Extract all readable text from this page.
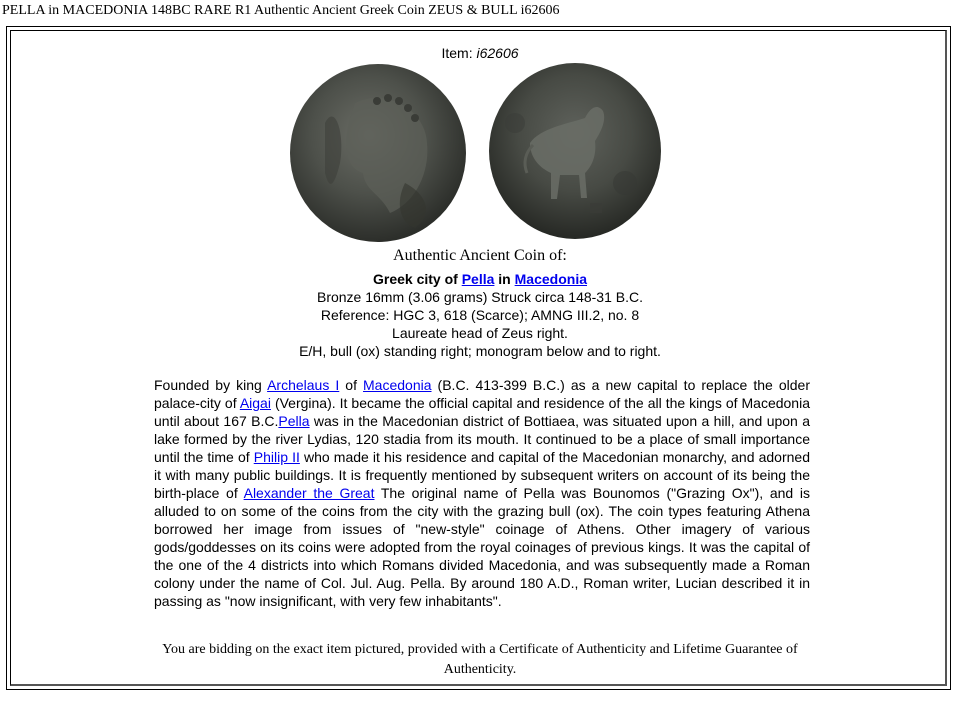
PELLA in MACEDONIA 148BC RARE R1 Authentic Ancient Greek Coin ZEUS & BULL i62606
Item: i62606
Authentic Ancient Coin of:
Greek city of Pella in Macedonia
Bronze 16mm (3.06 grams) Struck circa 148-31 B.C.
Reference: HGC 3, 618 (Scarce); AMNG III.2, no. 8
Laureate head of Zeus right.
E/H, bull (ox) standing right; monogram below and to right.
Founded by king Archelaus I of Macedonia (B.C. 413-399 B.C.) as a new capital to replace the older palace-city of Aigai (Vergina). It became the official capital and residence of the all the kings of Macedonia until about 167 B.C.Pella was in the Macedonian district of Bottiaea, was situated upon a hill, and upon a lake formed by the river Lydias, 120 stadia from its mouth. It continued to be a place of small importance until the time of Philip II who made it his residence and capital of the Macedonian monarchy, and adorned it with many public buildings. It is frequently mentioned by subsequent writers on account of its being the birth-place of Alexander the Great The original name of Pella was Bounomos ("Grazing Ox"), and is alluded to on some of the coins from the city with the grazing bull (ox). The coin types featuring Athena borrowed her image from issues of "new-style" coinage of Athens. Other imagery of various gods/goddesses on its coins were adopted from the royal coinages of previous kings. It was the capital of the one of the 4 districts into which Romans divided Macedonia, and was subsequently made a Roman colony under the name of Col. Jul. Aug. Pella. By around 180 A.D., Roman writer, Lucian described it in passing as "now insignificant, with very few inhabitants".
You are bidding on the exact item pictured, provided with a Certificate of Authenticity and Lifetime Guarantee of Authenticity.
